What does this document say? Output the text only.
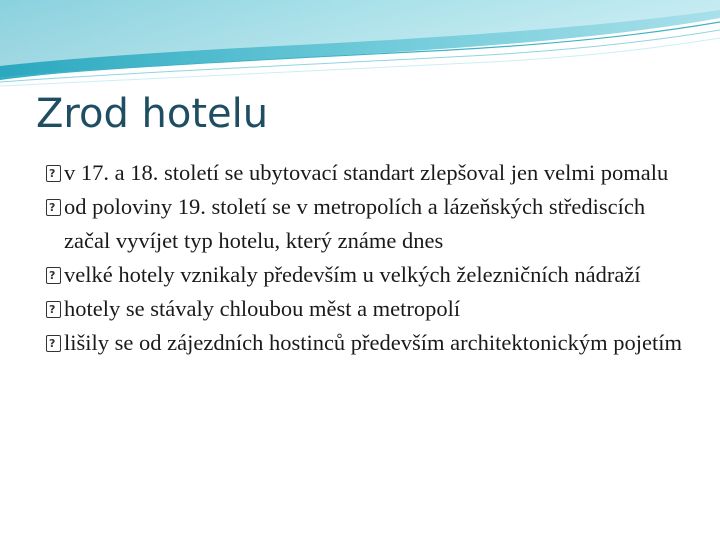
Zrod hotelu
?
v 17. a 18. století se ubytovací standart zlepšoval jen velmi pomalu
?
od poloviny 19. století se v metropolích a lázeňských střediscích začal vyvíjet typ hotelu, který známe dnes
?
velké hotely vznikaly především u velkých železničních nádraží
?
hotely se stávaly chloubou měst a metropolí
?
lišily se od zájezdních hostinců především architektonickým pojetím
